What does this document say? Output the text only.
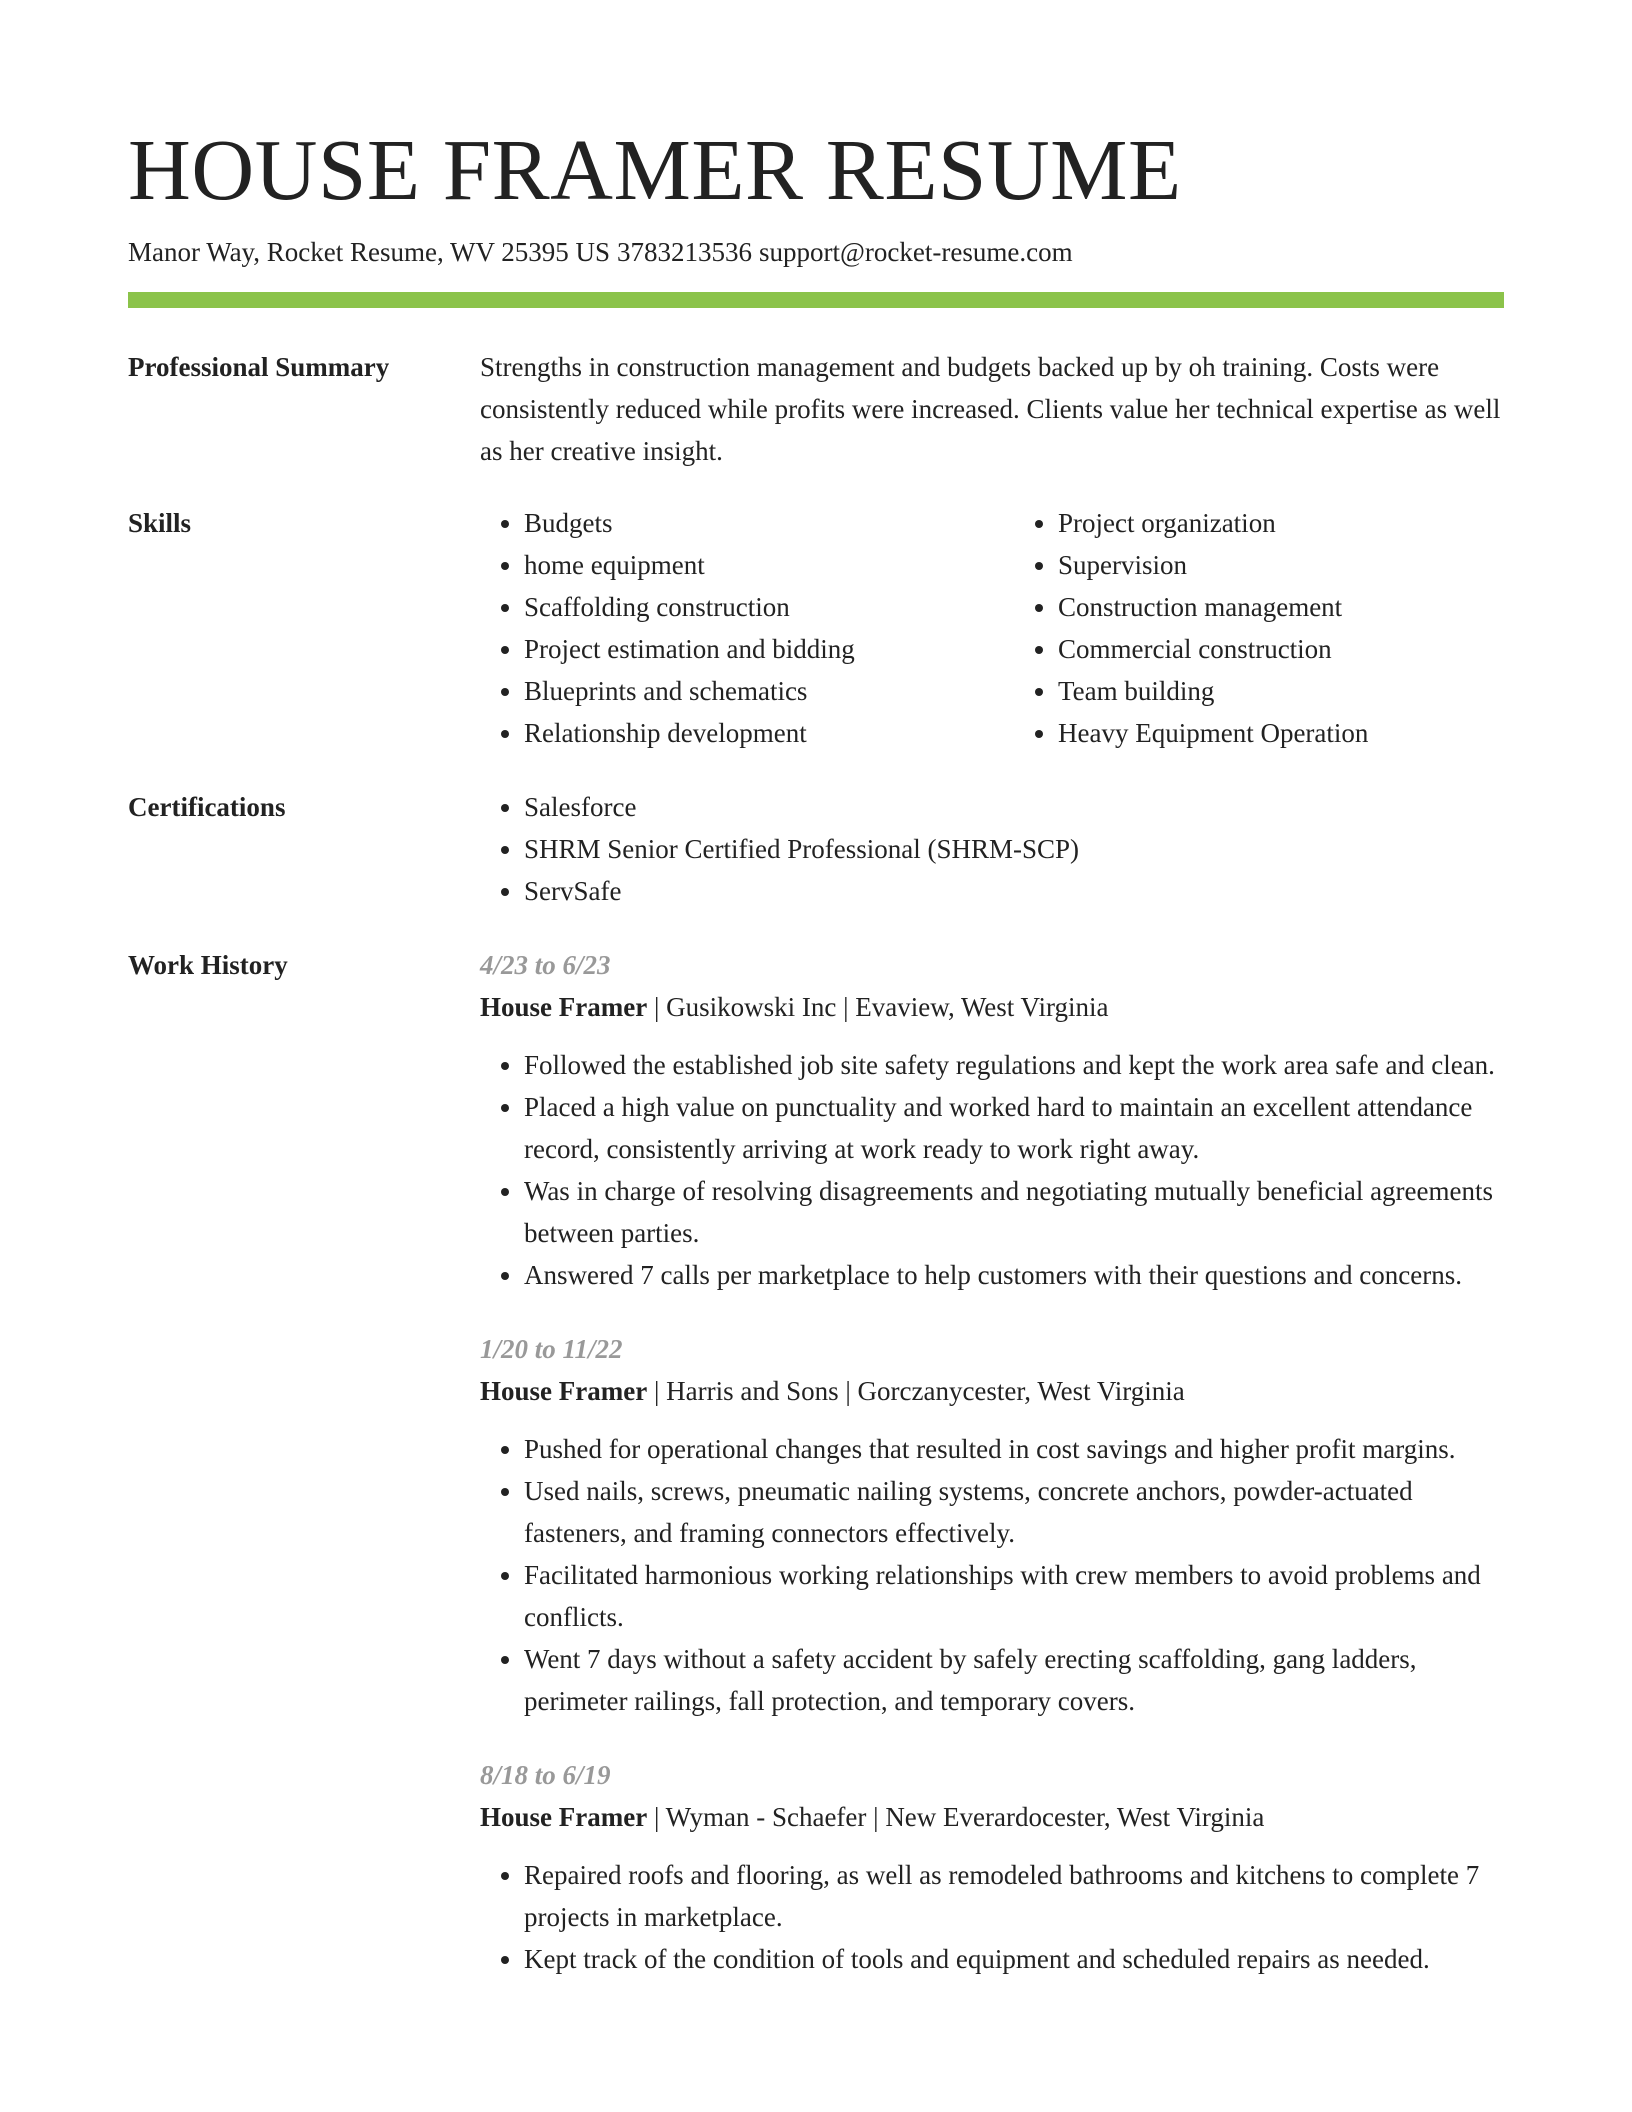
HOUSE FRAMER RESUME
Manor Way, Rocket Resume, WV 25395 US 3783213536 support@rocket-resume.com
Professional Summary	Strengths in construction management and budgets backed up by oh training. Costs were consistently reduced while profits were increased. Clients value her technical expertise as well as her creative insight.

Skills	• Budgets
• home equipment
• Scaffolding construction
• Project estimation and bidding
• Blueprints and schematics
• Relationship development
• Project organization
• Supervision
• Construction management
• Commercial construction
• Team building
• Heavy Equipment Operation
Certifications	• Salesforce
• SHRM Senior Certified Professional (SHRM-SCP)
• ServSafe
Work History	4/23 to 6/23
House Framer | Gusikowski Inc | Evaview, West Virginia
• Followed the established job site safety regulations and kept the work area safe and clean.
• Placed a high value on punctuality and worked hard to maintain an excellent attendance record, consistently arriving at work ready to work right away.
• Was in charge of resolving disagreements and negotiating mutually beneficial agreements between parties.
• Answered 7 calls per marketplace to help customers with their questions and concerns.
1/20 to 11/22
House Framer | Harris and Sons | Gorczanycester, West Virginia
• Pushed for operational changes that resulted in cost savings and higher profit margins.
• Used nails, screws, pneumatic nailing systems, concrete anchors, powder-actuated fasteners, and framing connectors effectively.
• Facilitated harmonious working relationships with crew members to avoid problems and conflicts.
• Went 7 days without a safety accident by safely erecting scaffolding, gang ladders, perimeter railings, fall protection, and temporary covers.
8/18 to 6/19
House Framer | Wyman - Schaefer | New Everardocester, West Virginia
• Repaired roofs and flooring, as well as remodeled bathrooms and kitchens to complete 7 projects in marketplace.
• Kept track of the condition of tools and equipment and scheduled repairs as needed.
